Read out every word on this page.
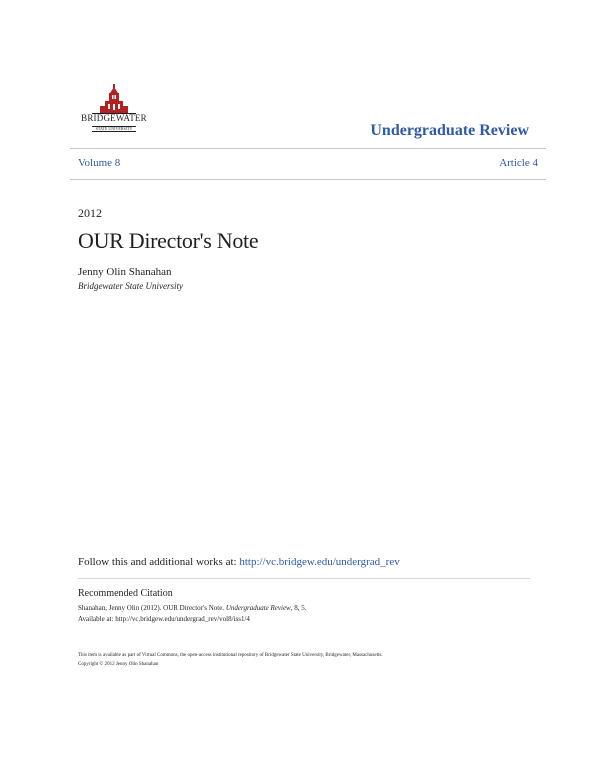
BRIDGEWATER
STATE UNIVERSITY	Undergraduate Review
Volume 8	Article 4
2012
OUR Director's Note
Jenny Olin Shanahan
Bridgewater State University
Follow this and additional works at: http://vc.bridgew.edu/undergrad_rev
Recommended Citation
Shanahan, Jenny Olin (2012). OUR Director's Note. Undergraduate Review, 8, 5.
Available at: http://vc.bridgew.edu/undergrad_rev/vol8/iss1/4
This item is available as part of Virtual Commons, the open-access institutional repository of Bridgewater State University, Bridgewater, Massachusetts.
Copyright © 2012 Jenny Olin Shanahan
